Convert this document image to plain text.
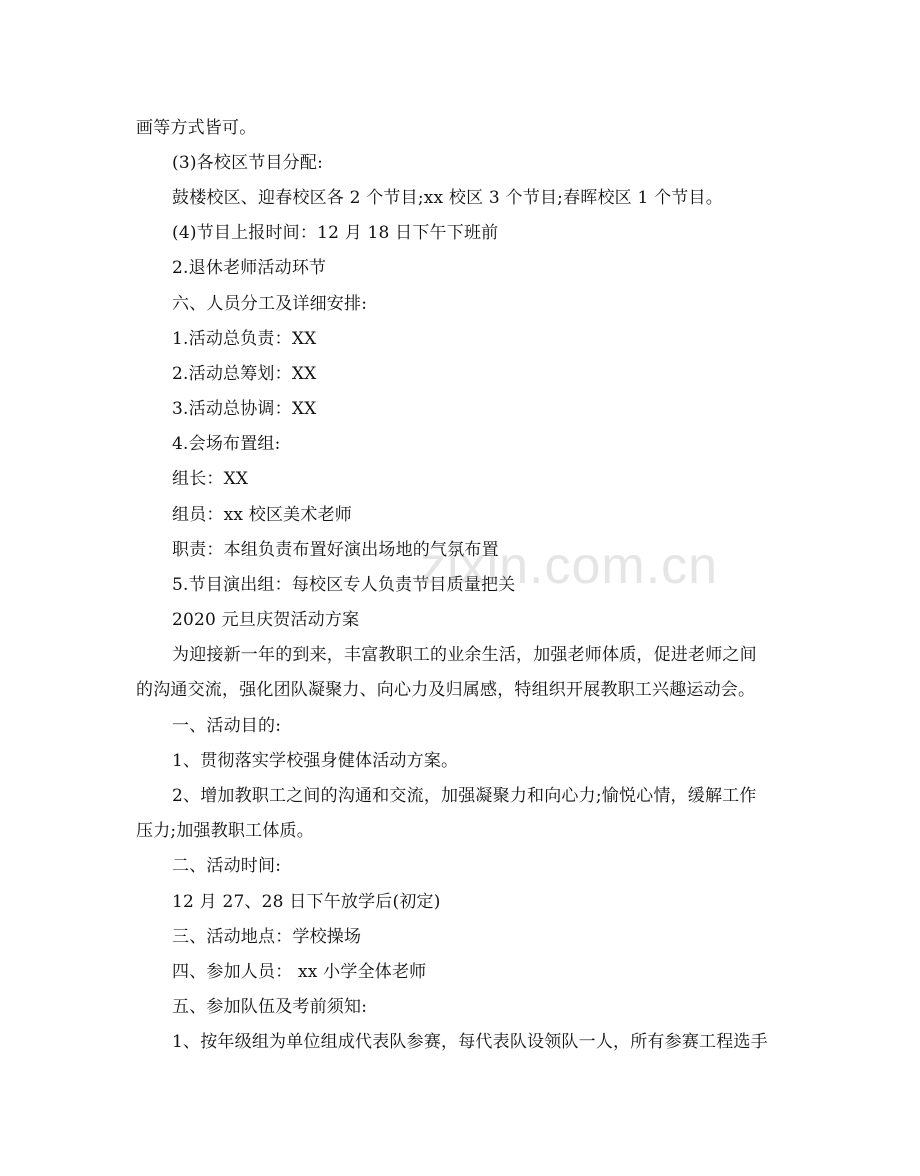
画等方式皆可。
(3)各校区节目分配:
鼓楼校区、迎春校区各 2 个节目;xx 校区 3 个节目;春晖校区 1 个节目。
(4)节目上报时间：12 月 18 日下午下班前
2.退休老师活动环节
六、人员分工及详细安排:
1.活动总负责：XX
2.活动总筹划：XX
3.活动总协调：XX
4.会场布置组:
组长：XX
组员：xx 校区美术老师
职责：本组负责布置好演出场地的气氛布置
5.节目演出组：每校区专人负责节目质量把关
2020 元旦庆贺活动方案
为迎接新一年的到来，丰富教职工的业余生活，加强老师体质，促进老师之间
的沟通交流，强化团队凝聚力、向心力及归属感，特组织开展教职工兴趣运动会。
一、活动目的:
1、贯彻落实学校强身健体活动方案。
2、增加教职工之间的沟通和交流，加强凝聚力和向心力;愉悦心情，缓解工作
压力;加强教职工体质。
二、活动时间:
12 月 27、28 日下午放学后(初定)
三、活动地点：学校操场
四、参加人员： xx 小学全体老师
五、参加队伍及考前须知:
1、按年级组为单位组成代表队参赛，每代表队设领队一人，所有参赛工程选手
zixin.com.cn
